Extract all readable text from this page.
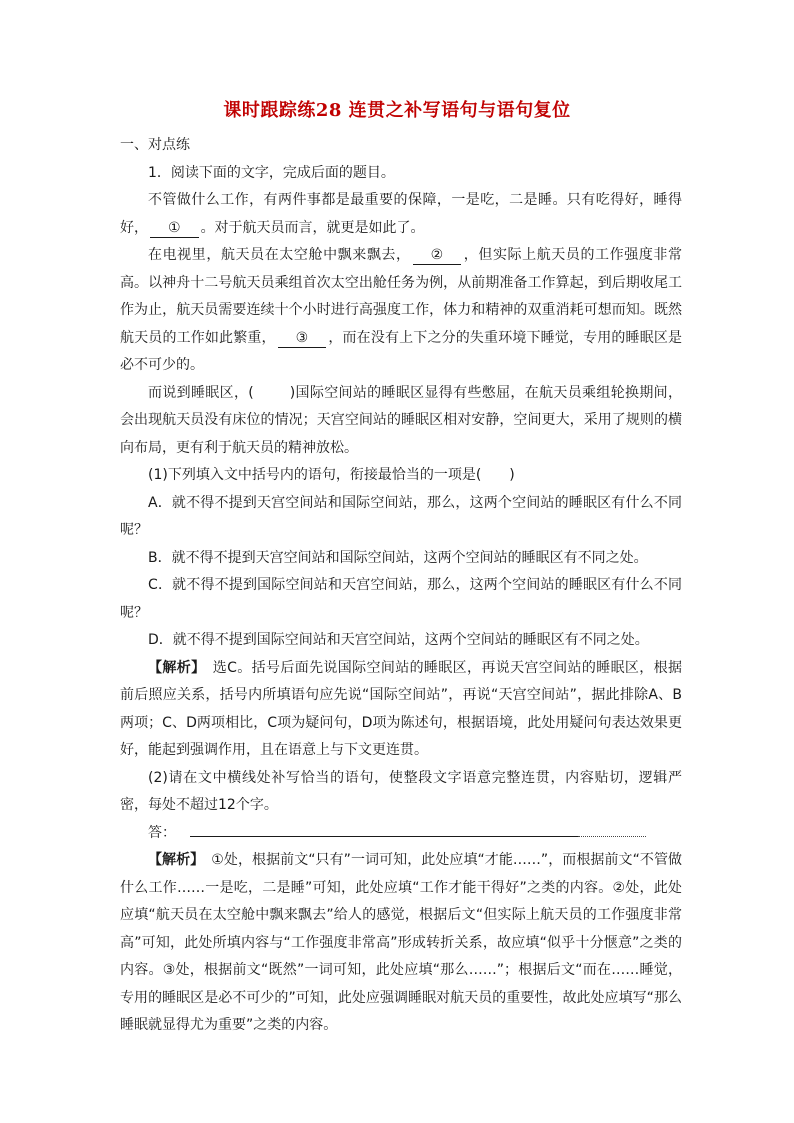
课时跟踪练28 连贯之补写语句与语句复位

一、对点练

1．阅读下面的文字，完成后面的题目。

不管做什么工作，有两件事都是最重要的保障，一是吃，二是睡。只有吃得好，睡得好， ① 。对于航天员而言，就更是如此了。

在电视里，航天员在太空舱中飘来飘去， ② ，但实际上航天员的工作强度非常高。以神舟十二号航天员乘组首次太空出舱任务为例，从前期准备工作算起，到后期收尾工作为止，航天员需要连续十个小时进行高强度工作，体力和精神的双重消耗可想而知。既然航天员的工作如此繁重， ③ ，而在没有上下之分的失重环境下睡觉，专用的睡眠区是必不可少的。

而说到睡眠区，(　　	)国际空间站的睡眠区显得有些憋屈，在航天员乘组轮换期间，会出现航天员没有床位的情况；天宫空间站的睡眠区相对安静，空间更大，采用了规则的横向布局，更有利于航天员的精神放松。

(1)下列填入文中括号内的语句，衔接最恰当的一项是(　　)

A．就不得不提到天宫空间站和国际空间站，那么，这两个空间站的睡眠区有什么不同呢？

B．就不得不提到天宫空间站和国际空间站，这两个空间站的睡眠区有不同之处。

C．就不得不提到国际空间站和天宫空间站，那么，这两个空间站的睡眠区有什么不同呢？

D．就不得不提到国际空间站和天宫空间站，这两个空间站的睡眠区有不同之处。

【解析】　 选C。括号后面先说国际空间站的睡眠区，再说天宫空间站的睡眠区，根据前后照应关系，括号内所填语句应先说“国际空间站”，再说“天宫空间站”，据此排除A、B两项；C、D两项相比，C项为疑问句，D项为陈述句，根据语境，此处用疑问句表达效果更好，能起到强调作用，且在语意上与下文更连贯。

(2)请在文中横线处补写恰当的语句，使整段文字语意完整连贯，内容贴切，逻辑严密，每处不超过12个字。

答：

【解析】　 ①处，根据前文“只有”一词可知，此处应填“才能……”，而根据前文“不管做什么工作……一是吃，二是睡”可知，此处应填“工作才能干得好”之类的内容。②处，此处应填“航天员在太空舱中飘来飘去”给人的感觉，根据后文“但实际上航天员的工作强度非常高”可知，此处所填内容与“工作强度非常高”形成转折关系，故应填“似乎十分惬意”之类的内容。③处，根据前文“既然”一词可知，此处应填“那么……”；根据后文“而在……睡觉，专用的睡眠区是必不可少的”可知，此处应强调睡眠对航天员的重要性，故此处应填写“那么睡眠就显得尤为重要”之类的内容。
